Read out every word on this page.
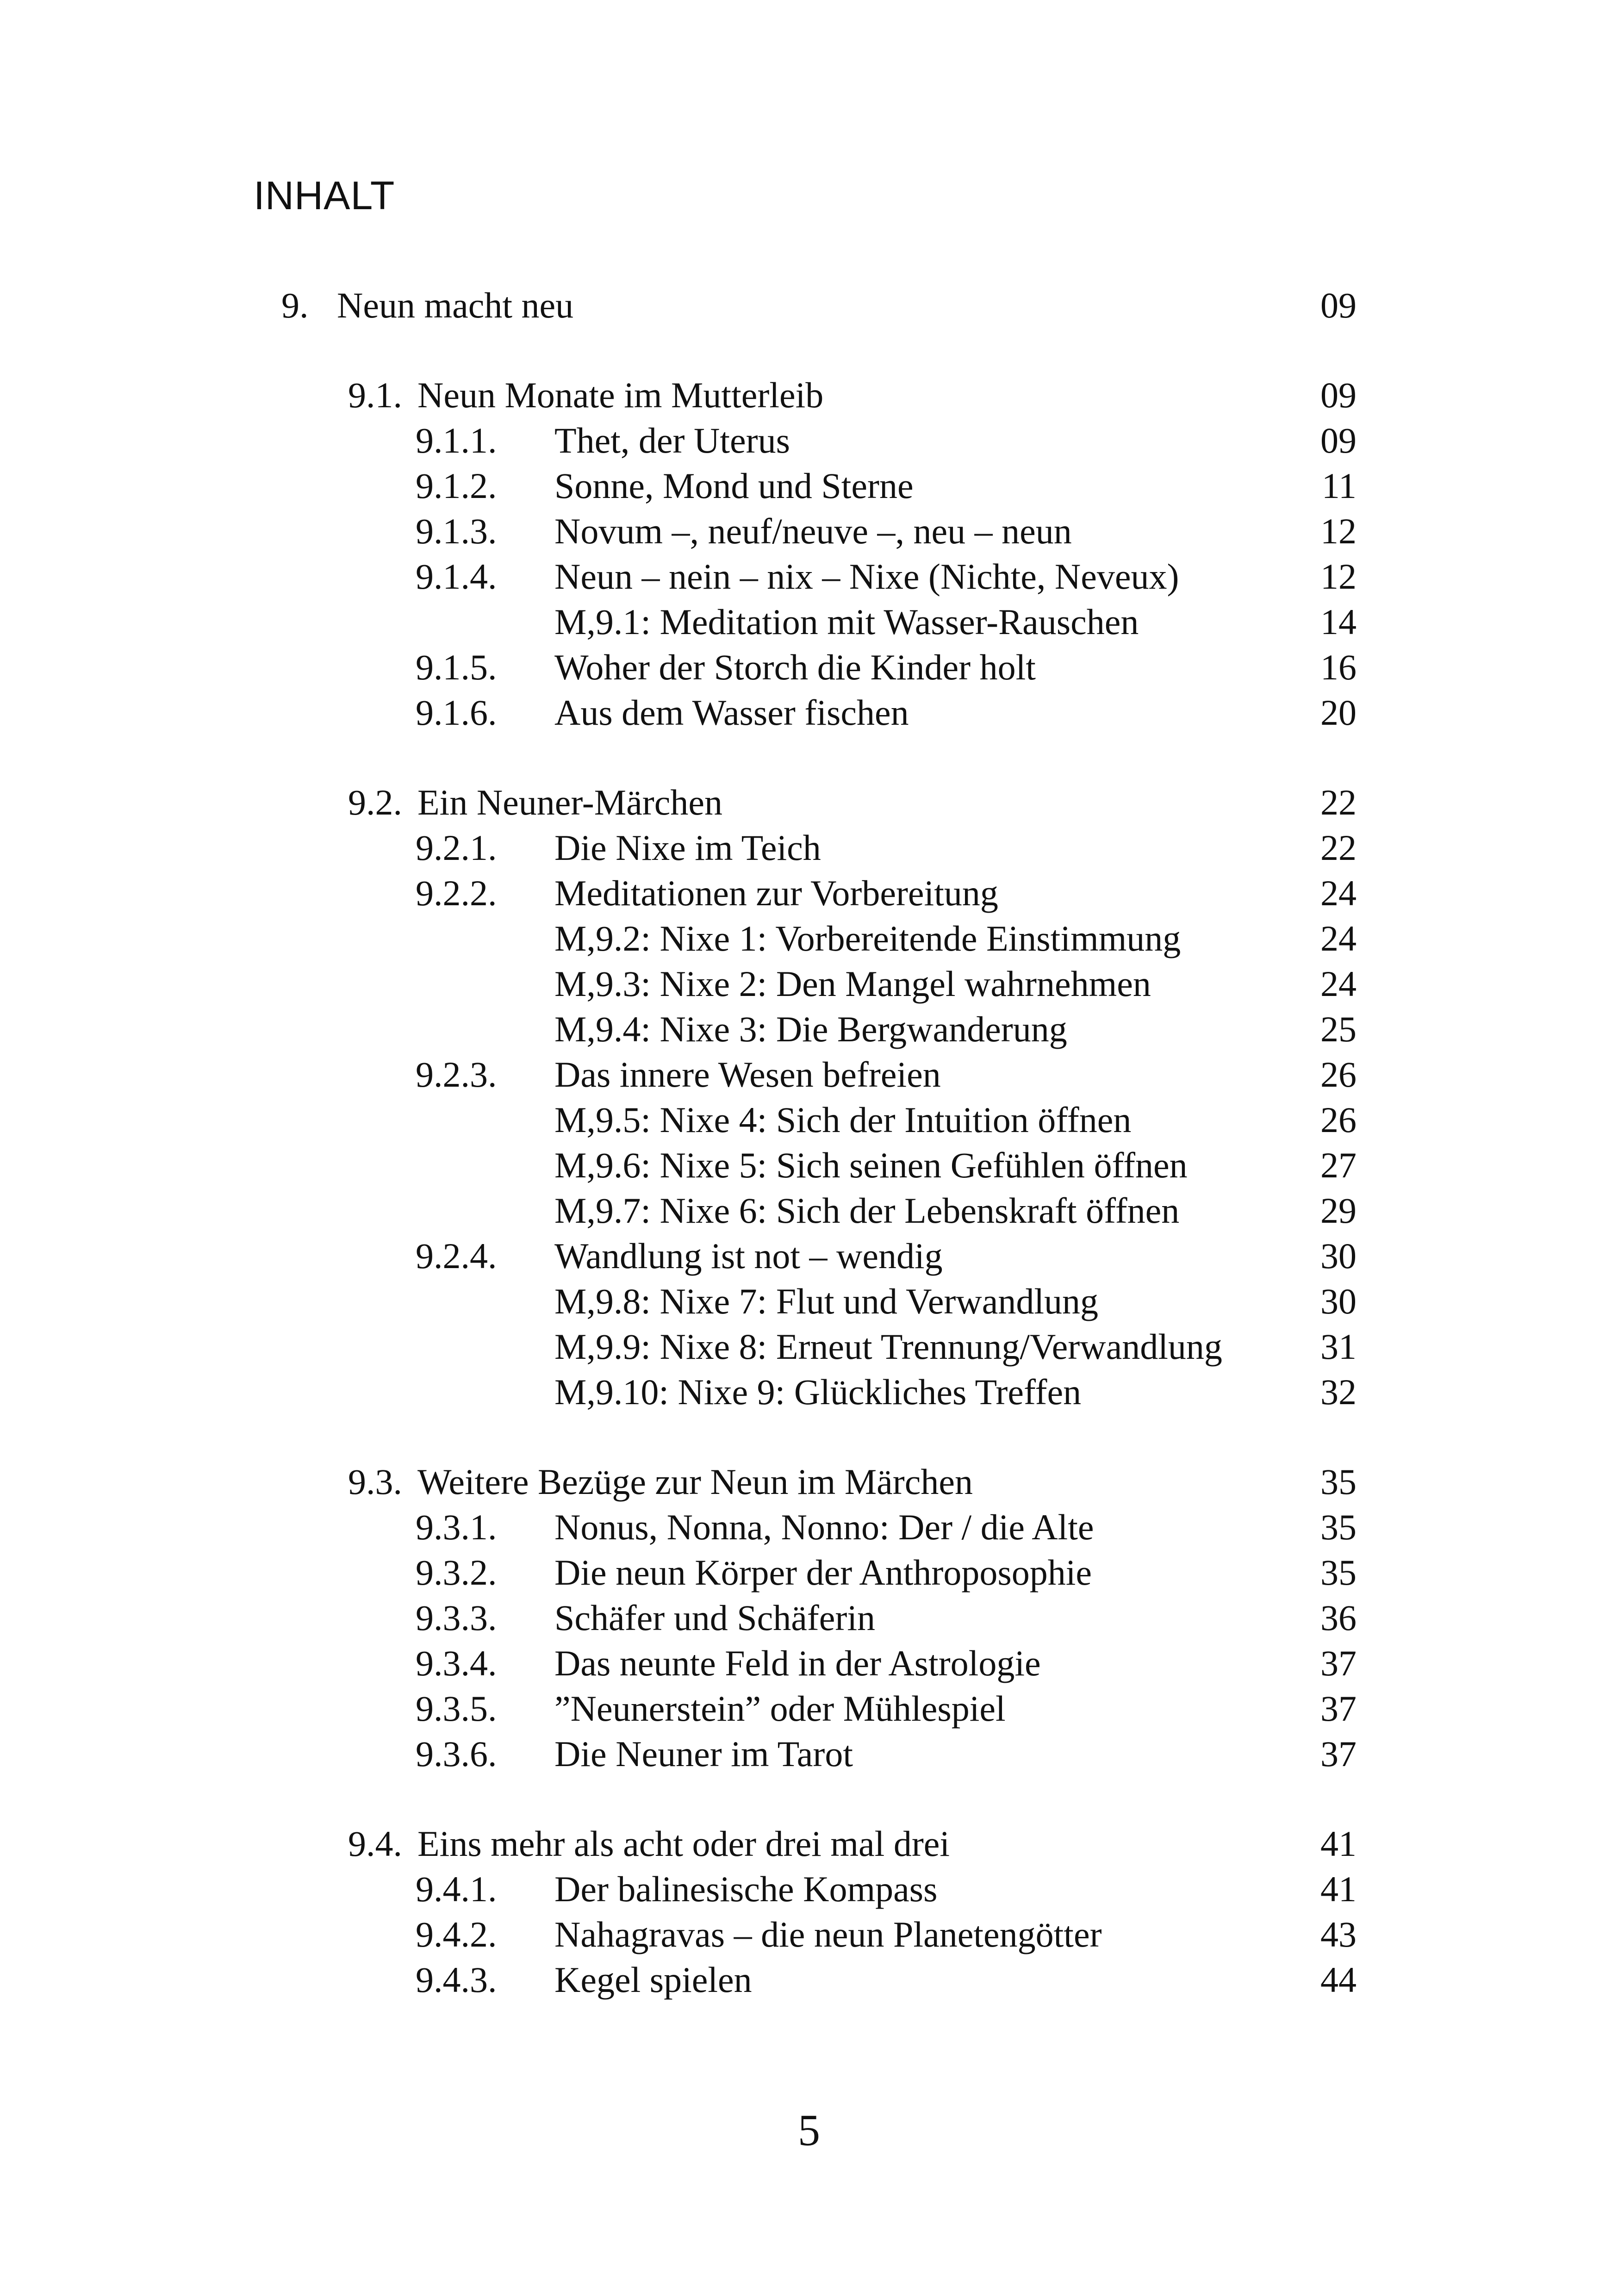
INHALT
9. Neun macht neu	09
9.1. Neun Monate im Mutterleib	09
9.1.1. Thet, der Uterus	09
9.1.2. Sonne, Mond und Sterne	11
9.1.3. Novum –, neuf/neuve –, neu – neun	12
9.1.4. Neun – nein – nix – Nixe (Nichte, Neveux)	12
M,9.1: Meditation mit Wasser-Rauschen	14
9.1.5. Woher der Storch die Kinder holt	16
9.1.6. Aus dem Wasser fischen	20
9.2. Ein Neuner-Märchen	22
9.2.1. Die Nixe im Teich	22
9.2.2. Meditationen zur Vorbereitung	24
M,9.2: Nixe 1: Vorbereitende Einstimmung	24
M,9.3: Nixe 2: Den Mangel wahrnehmen	24
M,9.4: Nixe 3: Die Bergwanderung	25
9.2.3. Das innere Wesen befreien	26
M,9.5: Nixe 4: Sich der Intuition öffnen	26
M,9.6: Nixe 5: Sich seinen Gefühlen öffnen	27
M,9.7: Nixe 6: Sich der Lebenskraft öffnen	29
9.2.4. Wandlung ist not – wendig	30
M,9.8: Nixe 7: Flut und Verwandlung	30
M,9.9: Nixe 8: Erneut Trennung/Verwandlung	31
M,9.10: Nixe 9: Glückliches Treffen	32
9.3. Weitere Bezüge zur Neun im Märchen	35
9.3.1. Nonus, Nonna, Nonno: Der / die Alte	35
9.3.2. Die neun Körper der Anthroposophie	35
9.3.3. Schäfer und Schäferin	36
9.3.4. Das neunte Feld in der Astrologie	37
9.3.5. ”Neunerstein” oder Mühlespiel	37
9.3.6. Die Neuner im Tarot	37
9.4. Eins mehr als acht oder drei mal drei	41
9.4.1. Der balinesische Kompass	41
9.4.2. Nahagravas – die neun Planetengötter	43
9.4.3. Kegel spielen	44
5
